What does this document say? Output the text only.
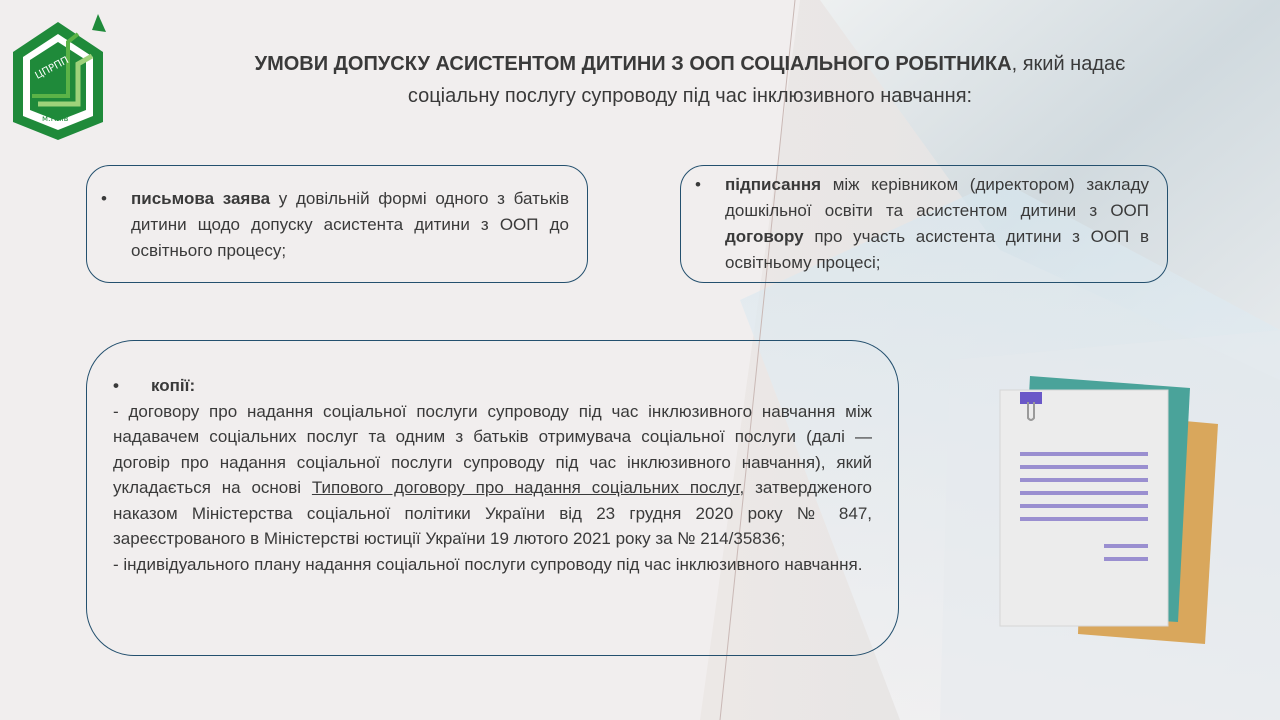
ЦПРПП
м.Київ
УМОВИ ДОПУСКУ АСИСТЕНТОМ ДИТИНИ З ООП СОЦІАЛЬНОГО РОБІТНИКА, який надає
соціальну послугу супроводу під час інклюзивного навчання:
• письмова заява у довільній формі одного з батьків дитини щодо допуску асистента дитини з ООП до освітнього процесу;
• підписання між керівником (директором) закладу дошкільної освіти та асистентом дитини з ООП договору про участь асистента дитини з ООП в освітньому процесі;
• копії:
- договору про надання соціальної послуги супроводу під час інклюзивного навчання між надавачем соціальних послуг та одним з батьків отримувача соціальної послуги (далі — договір про надання соціальної послуги супроводу під час інклюзивного навчання), який укладається на основі Типового договору про надання соціальних послуг, затвердженого наказом Міністерства соціальної політики України від 23 грудня 2020 року № 847, зареєстрованого в Міністерстві юстиції України 19 лютого 2021 року за № 214/35836;
- індивідуального плану надання соціальної послуги супроводу під час інклюзивного навчання.
